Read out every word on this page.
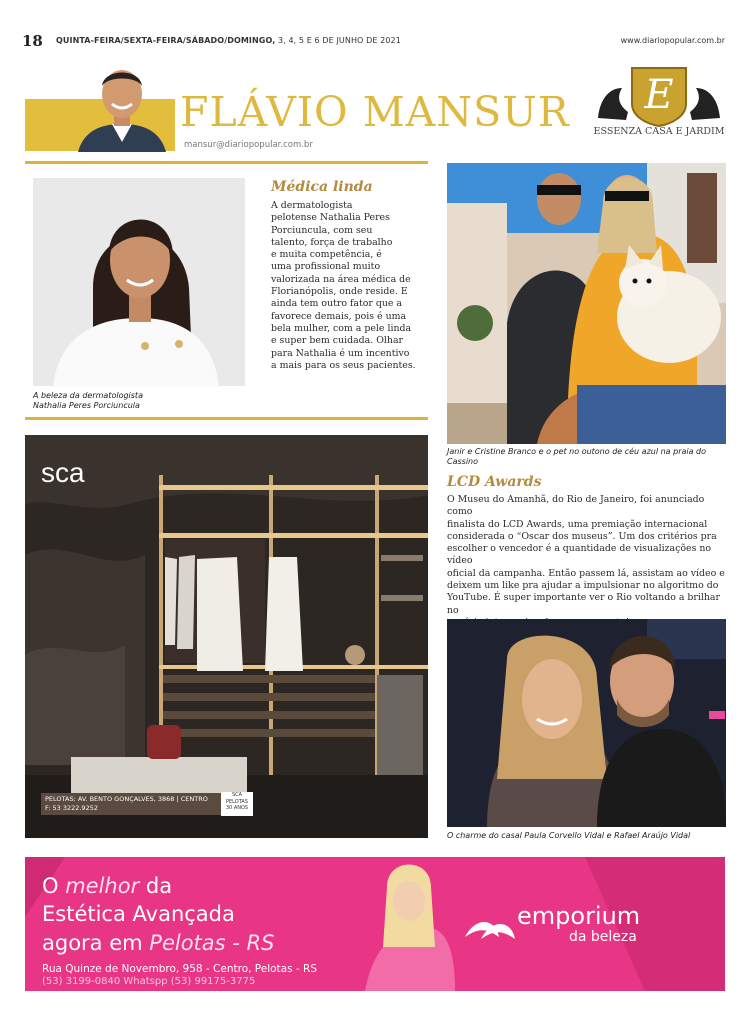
18 QUINTA-FEIRA/SEXTA-FEIRA/SÁBADO/DOMINGO, 3, 4, 5 E 6 DE JUNHO DE 2021	www.diariopopular.com.br
FLÁVIO MANSUR
mansur@diariopopular.com.br
E
ESSENZA CASA E JARDIM
A beleza da dermatologista
Nathalia Peres Porciuncula
Médica linda
A dermatologista
pelotense Nathalia Peres
Porciuncula, com seu
talento, força de trabalho
e muita competência, é
uma profissional muito
valorizada na área médica de
Florianópolis, onde reside. E
ainda tem outro fator que a
favorece demais, pois é uma
bela mulher, com a pele linda
e super bem cuidada. Olhar
para Nathalia é um incentivo
a mais para os seus pacientes.
Janir e Cristine Branco e o pet no outono de céu azul na praia do Cassino
sca
PELOTAS: AV. BENTO GONÇALVES, 3868 | CENTRO
F: 53 3222.9252
SCA
PELOTAS
30 ANOS
LCD Awards
O Museu do Amanhã, do Rio de Janeiro, foi anunciado como
finalista do LCD Awards, uma premiação internacional
considerada o “Oscar dos museus”. Um dos critérios pra
escolher o vencedor é a quantidade de visualizações no vídeo
oficial da campanha. Então passem lá, assistam ao vídeo e
deixem um like pra ajudar a impulsionar no algoritmo do
YouTube. É super importante ver o Rio voltando a brilhar no
O charme do casal Paula Corvello Vidal e Rafael Araújo Vidal
O melhor da
Estética Avançada
agora em Pelotas - RS
Rua Quinze de Novembro, 958 - Centro, Pelotas - RS
(53) 3199-0840 Whatspp (53) 99175-3775
emporium
da beleza
